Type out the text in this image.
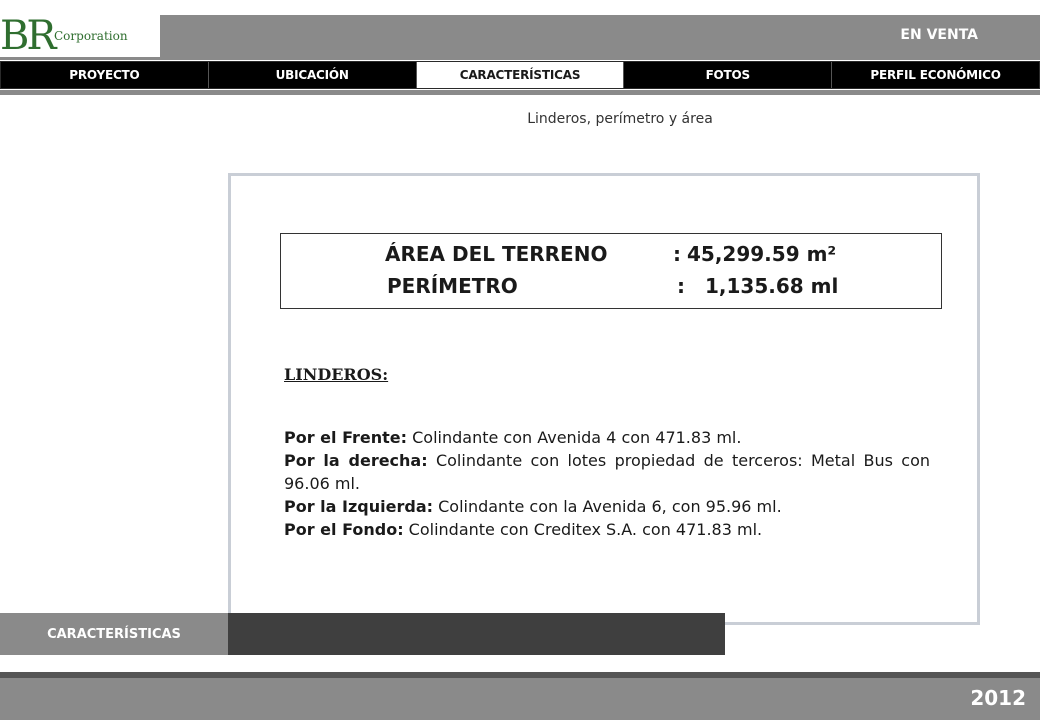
BR Corporation	EN VENTA
PROYECTO	UBICACIÓN	CARACTERÍSTICAS	FOTOS	PERFIL ECONÓMICO
Linderos, perímetro y área
ÁREA DEL TERRENO	: 45,299.59 m²
PERÍMETRO	: 1,135.68 ml
LINDEROS:

Por el Frente: Colindante con Avenida 4 con 471.83 ml.

Por la derecha: Colindante con lotes propiedad de terceros: Metal Bus con 96.06 ml.

Por la Izquierda: Colindante con la Avenida 6, con 95.96 ml.

Por el Fondo: Colindante con Creditex S.A. con 471.83 ml.

CARACTERÍSTICAS
2012
